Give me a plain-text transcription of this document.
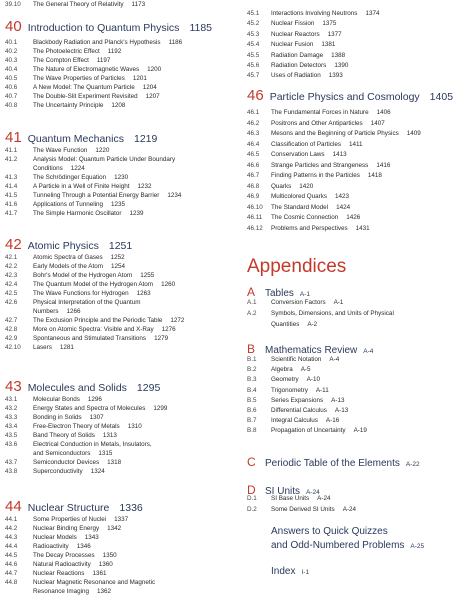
39.10	The General Theory of Relativity 1173
40 Introduction to Quantum Physics 1185
40.1	Blackbody Radiation and Planck's Hypothesis 1186
40.2	The Photoelectric Effect 1192
40.3	The Compton Effect 1197
40.4	The Nature of Electromagnetic Waves 1200
40.5	The Wave Properties of Particles 1201
40.6	A New Model: The Quantum Particle 1204
40.7	The Double-Slit Experiment Revisited 1207
40.8	The Uncertainty Principle 1208
41 Quantum Mechanics 1219
41.1	The Wave Function 1220
41.2	Analysis Model: Quantum Particle Under Boundary
Conditions 1224
41.3	The Schrödinger Equation 1230
41.4	A Particle in a Well of Finite Height 1232
41.5	Tunneling Through a Potential Energy Barrier 1234
41.6	Applications of Tunneling 1235
41.7	The Simple Harmonic Oscillator 1239
42 Atomic Physics 1251
42.1	Atomic Spectra of Gases 1252
42.2	Early Models of the Atom 1254
42.3	Bohr's Model of the Hydrogen Atom 1255
42.4	The Quantum Model of the Hydrogen Atom 1260
42.5	The Wave Functions for Hydrogen 1263
42.6	Physical Interpretation of the Quantum
Numbers 1266
42.7	The Exclusion Principle and the Periodic Table 1272
42.8	More on Atomic Spectra: Visible and X-Ray 1276
42.9	Spontaneous and Stimulated Transitions 1279
42.10	Lasers 1281
43 Molecules and Solids 1295
43.1	Molecular Bonds 1296
43.2	Energy States and Spectra of Molecules 1299
43.3	Bonding in Solids 1307
43.4	Free-Electron Theory of Metals 1310
43.5	Band Theory of Solids 1313
43.6	Electrical Conduction in Metals, Insulators,
and Semiconductors 1315
43.7	Semiconductor Devices 1318
43.8	Superconductivity 1324
44 Nuclear Structure 1336
44.1	Some Properties of Nuclei 1337
44.2	Nuclear Binding Energy 1342
44.3	Nuclear Models 1343
44.4	Radioactivity 1346
44.5	The Decay Processes 1350
44.6	Natural Radioactivity 1360
44.7	Nuclear Reactions 1361
44.8	Nuclear Magnetic Resonance and Magnetic
Resonance Imaging 1362
45.1	Interactions Involving Neutrons 1374
45.2	Nuclear Fission 1375
45.3	Nuclear Reactors 1377
45.4	Nuclear Fusion 1381
45.5	Radiation Damage 1388
45.6	Radiation Detectors 1390
45.7	Uses of Radiation 1393
46 Particle Physics and Cosmology 1405
46.1	The Fundamental Forces in Nature 1406
46.2	Positrons and Other Antiparticles 1407
46.3	Mesons and the Beginning of Particle Physics 1409
46.4	Classification of Particles 1411
46.5	Conservation Laws 1413
46.6	Strange Particles and Strangeness 1416
46.7	Finding Patterns in the Particles 1418
46.8	Quarks 1420
46.9	Multicolored Quarks 1423
46.10	The Standard Model 1424
46.11	The Cosmic Connection 1426
46.12	Problems and Perspectives 1431
Appendices
A Tables A-1
A.1	Conversion Factors A-1
A.2	Symbols, Dimensions, and Units of Physical
Quantities A-2
B Mathematics Review A-4
B.1	Scientific Notation A-4
B.2	Algebra A-5
B.3	Geometry A-10
B.4	Trigonometry A-11
B.5	Series Expansions A-13
B.6	Differential Calculus A-13
B.7	Integral Calculus A-16
B.8	Propagation of Uncertainty A-19
C Periodic Table of the Elements A-22
D SI Units A-24
D.1	SI Base Units A-24
D.2	Some Derived SI Units A-24
Answers to Quick Quizzes
and Odd-Numbered Problems A-25
Index I-1
